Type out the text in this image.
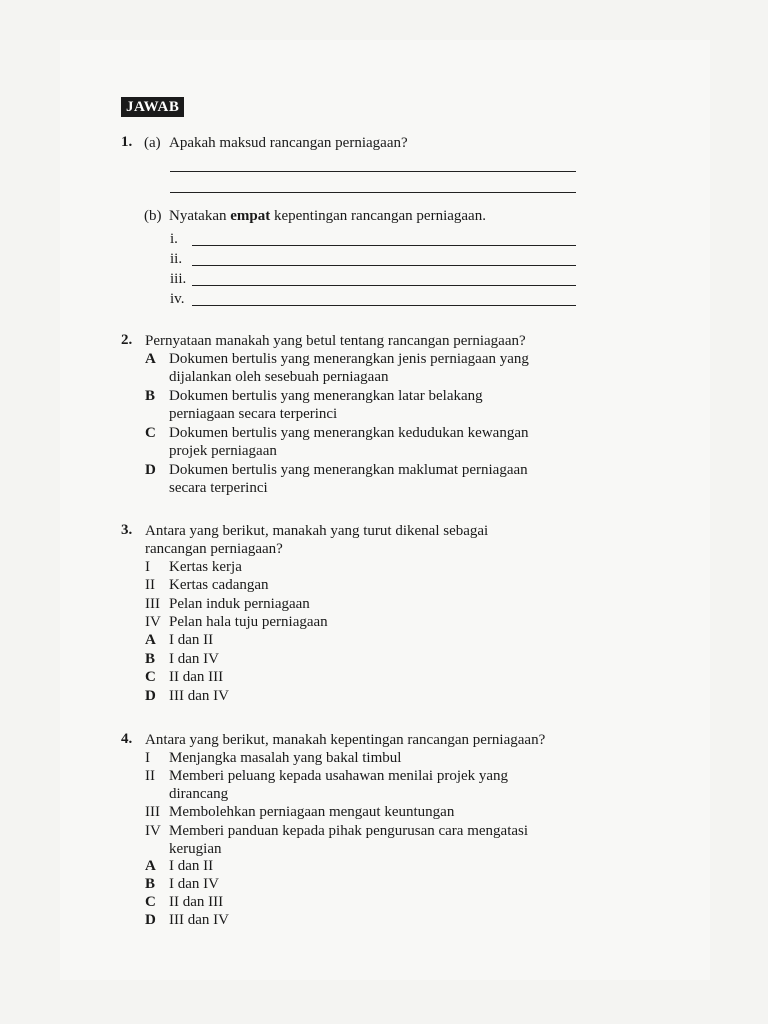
JAWAB
1. (a) Apakah maksud rancangan perniagaan?
(b) Nyatakan empat kepentingan rancangan perniagaan.
i.
ii.
iii.
iv.
2. Pernyataan manakah yang betul tentang rancangan perniagaan?
A Dokumen bertulis yang menerangkan jenis perniagaan yang
dijalankan oleh sesebuah perniagaan
B Dokumen bertulis yang menerangkan latar belakang
perniagaan secara terperinci
C Dokumen bertulis yang menerangkan kedudukan kewangan
projek perniagaan
D Dokumen bertulis yang menerangkan maklumat perniagaan
secara terperinci
3. Antara yang berikut, manakah yang turut dikenal sebagai
rancangan perniagaan?
I Kertas kerja
II Kertas cadangan
III Pelan induk perniagaan
IV Pelan hala tuju perniagaan
A I dan II
B I dan IV
C II dan III
D III dan IV
4. Antara yang berikut, manakah kepentingan rancangan perniagaan?
I Menjangka masalah yang bakal timbul
II Memberi peluang kepada usahawan menilai projek yang
dirancang
III Membolehkan perniagaan mengaut keuntungan
IV Memberi panduan kepada pihak pengurusan cara mengatasi
kerugian
A I dan II
B I dan IV
C II dan III
D III dan IV
